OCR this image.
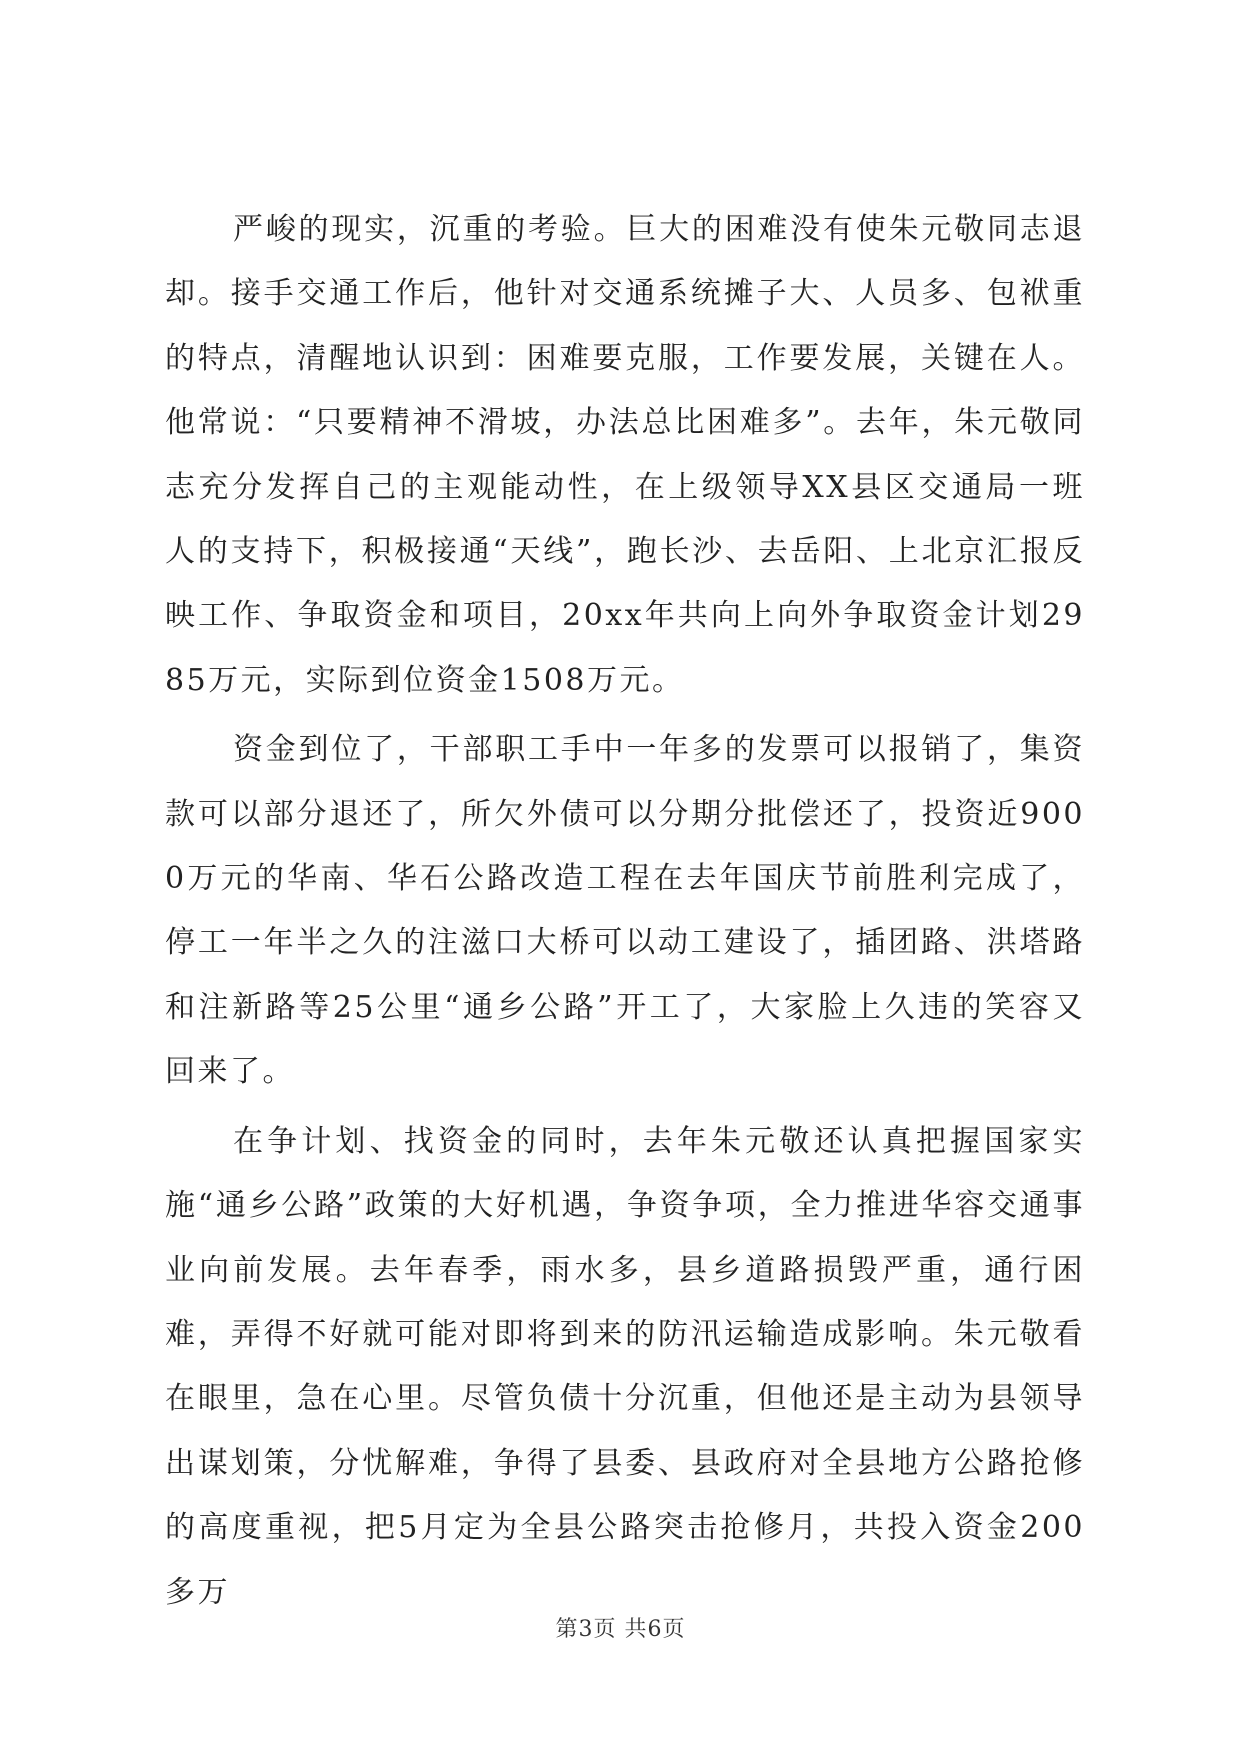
严峻的现实，沉重的考验。巨大的困难没有使朱元敬同志退却。接手交通工作后，他针对交通系统摊子大、人员多、包袱重的特点，清醒地认识到：困难要克服，工作要发展，关键在人。他常说：“只要精神不滑坡，办法总比困难多”。去年，朱元敬同志充分发挥自己的主观能动性，在上级领导XX县区交通局一班人的支持下，积极接通“天线”，跑长沙、去岳阳、上北京汇报反映工作、争取资金和项目，20xx年共向上向外争取资金计划2985万元，实际到位资金1508万元。

资金到位了，干部职工手中一年多的发票可以报销了，集资款可以部分退还了，所欠外债可以分期分批偿还了，投资近9000万元的华南、华石公路改造工程在去年国庆节前胜利完成了，停工一年半之久的注滋口大桥可以动工建设了，插团路、洪塔路和注新路等25公里“通乡公路”开工了，大家脸上久违的笑容又回来了。

在争计划、找资金的同时，去年朱元敬还认真把握国家实施“通乡公路”政策的大好机遇，争资争项，全力推进华容交通事业向前发展。去年春季，雨水多，县乡道路损毁严重，通行困难，弄得不好就可能对即将到来的防汛运输造成影响。朱元敬看在眼里，急在心里。尽管负债十分沉重，但他还是主动为县领导出谋划策，分忧解难，争得了县委、县政府对全县地方公路抢修的高度重视，把5月定为全县公路突击抢修月，共投入资金200多万

第3页 共6页
